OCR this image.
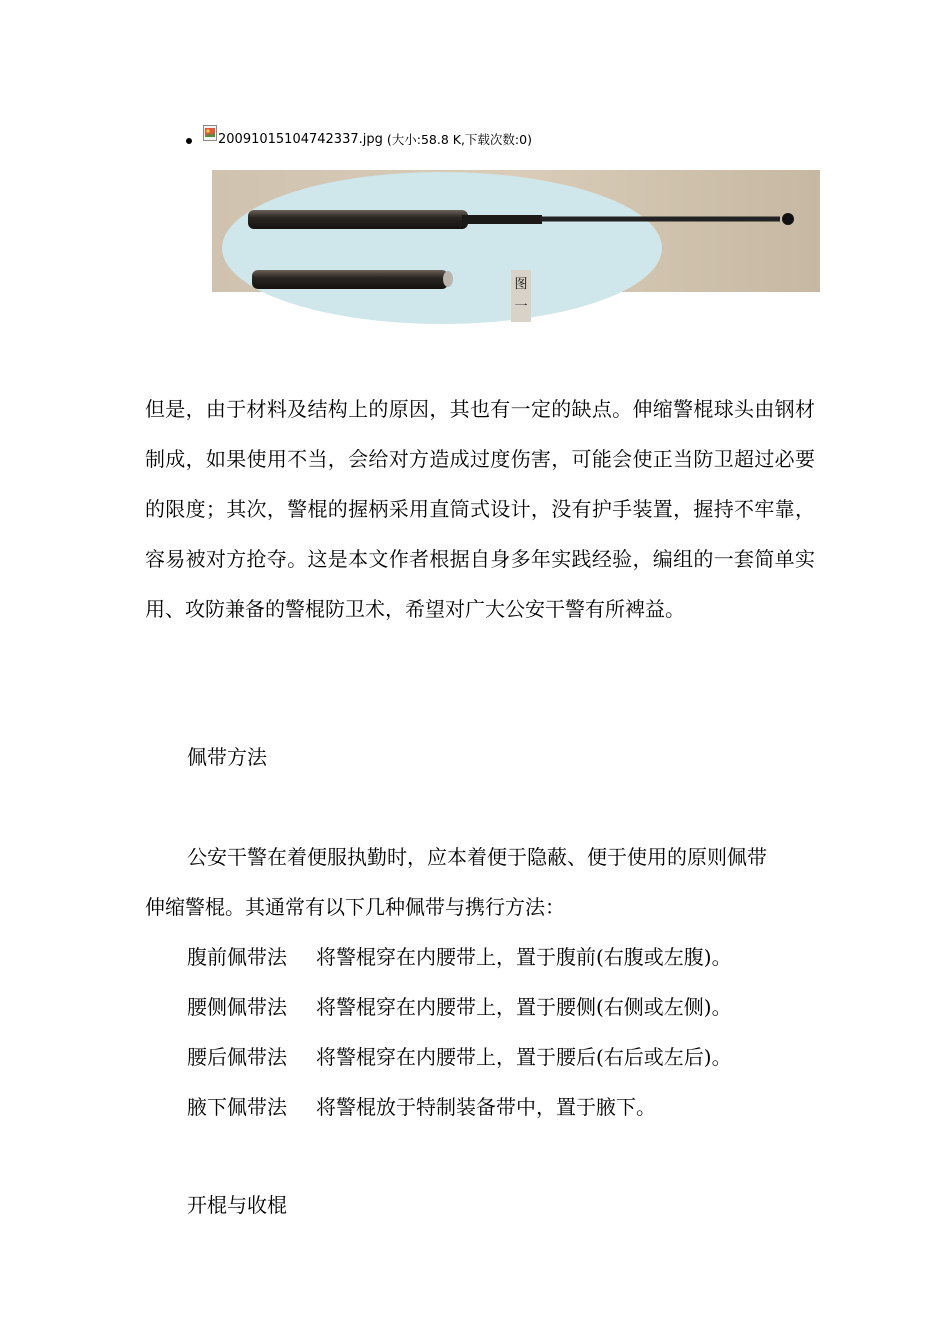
20091015104742337.jpg (大小:58.8 K,下载次数:0)
图
一

但是，由于材料及结构上的原因，其也有一定的缺点。伸缩警棍球头由钢材制成，如果使用不当，会给对方造成过度伤害，可能会使正当防卫超过必要的限度；其次，警棍的握柄采用直筒式设计，没有护手装置，握持不牢靠，容易被对方抢夺。这是本文作者根据自身多年实践经验，编组的一套简单实用、攻防兼备的警棍防卫术，希望对广大公安干警有所裨益。

佩带方法

公安干警在着便服执勤时，应本着便于隐蔽、便于使用的原则佩带

伸缩警棍。其通常有以下几种佩带与携行方法：

腹前佩带法 将警棍穿在内腰带上，置于腹前(右腹或左腹)。

腰侧佩带法 将警棍穿在内腰带上，置于腰侧(右侧或左侧)。

腰后佩带法 将警棍穿在内腰带上，置于腰后(右后或左后)。

腋下佩带法 将警棍放于特制装备带中，置于腋下。

开棍与收棍
